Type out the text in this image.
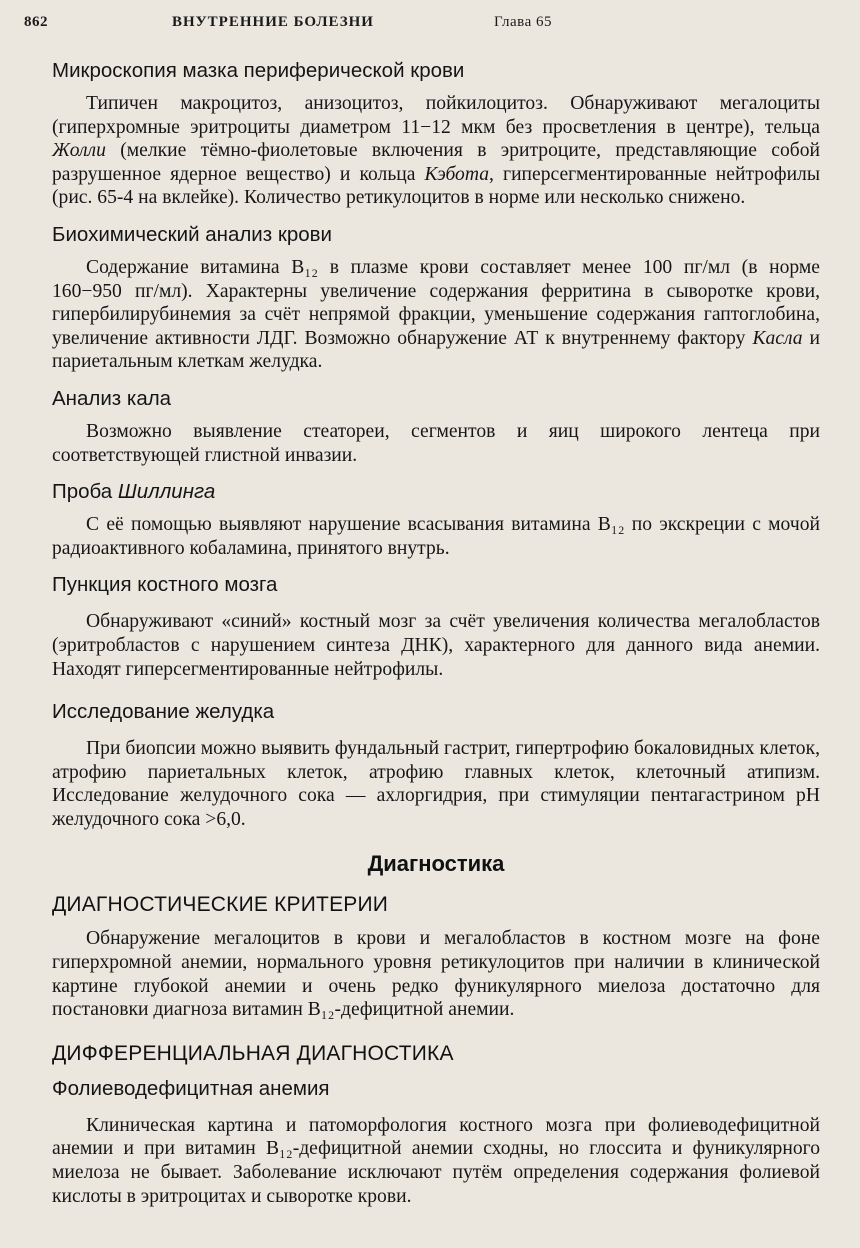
862	ВНУТРЕННИЕ БОЛЕЗНИ	Глава 65
Микроскопия мазка периферической крови

Типичен макроцитоз, анизоцитоз, пойкилоцитоз. Обнаруживают мегалоциты (гиперхромные эритроциты диаметром 11−12 мкм без просветления в центре), тельца Жолли (мелкие тёмно-фиолетовые включения в эритроците, представляющие собой разрушенное ядерное вещество) и кольца Кэбота, гиперсегментированные нейтрофилы (рис. 65-4 на вклейке). Количество ретикулоцитов в норме или несколько снижено.

Биохимический анализ крови

Содержание витамина B₁₂ в плазме крови составляет менее 100 пг/мл (в норме 160−950 пг/мл). Характерны увеличение содержания ферритина в сыворотке крови, гипербилирубинемия за счёт непрямой фракции, уменьшение содержания гаптоглобина, увеличение активности ЛДГ. Возможно обнаружение АТ к внутреннему фактору Касла и париетальным клеткам желудка.

Анализ кала

Возможно выявление стеатореи, сегментов и яиц широкого лентеца при соответствующей глистной инвазии.

Проба Шиллинга

С её помощью выявляют нарушение всасывания витамина B₁₂ по экскреции с мочой радиоактивного кобаламина, принятого внутрь.

Пункция костного мозга

Обнаруживают «синий» костный мозг за счёт увеличения количества мегалобластов (эритробластов с нарушением синтеза ДНК), характерного для данного вида анемии. Находят гиперсегментированные нейтрофилы.

Исследование желудка

При биопсии можно выявить фундальный гастрит, гипертрофию бокаловидных клеток, атрофию париетальных клеток, атрофию главных клеток, клеточный атипизм. Исследование желудочного сока — ахлоргидрия, при стимуляции пентагастрином pH желудочного сока >6,0.

Диагностика
ДИАГНОСТИЧЕСКИЕ КРИТЕРИИ

Обнаружение мегалоцитов в крови и мегалобластов в костном мозге на фоне гиперхромной анемии, нормального уровня ретикулоцитов при наличии в клинической картине глубокой анемии и очень редко фуникулярного миелоза достаточно для постановки диагноза витамин B₁₂-дефицитной анемии.

ДИФФЕРЕНЦИАЛЬНАЯ ДИАГНОСТИКА
Фолиеводефицитная анемия

Клиническая картина и патоморфология костного мозга при фолиеводефицитной анемии и при витамин B₁₂-дефицитной анемии сходны, но глоссита и фуникулярного миелоза не бывает. Заболевание исключают путём определения содержания фолиевой кислоты в эритроцитах и сыворотке крови.
